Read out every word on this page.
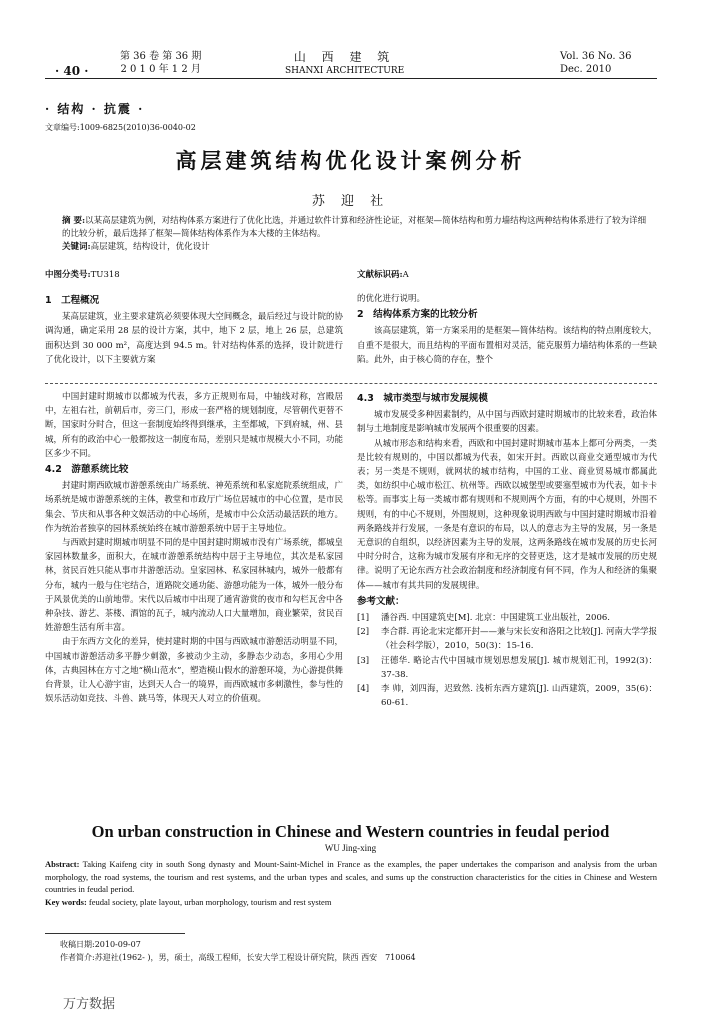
· 40 ·
第 36 卷 第 36 期
2 0 1 0 年 1 2 月
山 西 建 筑
SHANXI ARCHITECTURE
Vol. 36 No. 36
Dec. 2010
· 结构 · 抗震 ·
文章编号:1009-6825(2010)36-0040-02
高层建筑结构优化设计案例分析
苏 迎 社
摘 要:以某高层建筑为例，对结构体系方案进行了优化比选，并通过软件计算和经济性论证，对框架—简体结构和剪力墙结构这两种结构体系进行了较为详细的比较分析，最后选择了框架—简体结构体系作为本大楼的主体结构。
关键词:高层建筑，结构设计，优化设计
中图分类号:TU318	文献标识码:A
1　工程概况

某高层建筑，业主要求建筑必须要体现大空间概念，最后经过与设计院的协调沟通，确定采用 28 层的设计方案，其中，地下 2 层，地上 26 层，总建筑面积达到 30 000 m²，高度达到 94.5 m。针对结构体系的选择，设计院进行了优化设计，以下主要就方案

的优化进行说明。

2　结构体系方案的比较分析

该高层建筑，第一方案采用的是框架—简体结构。该结构的特点刚度较大，自重不是很大，而且结构的平面布置相对灵活，能克服剪力墙结构体系的一些缺陷。此外，由于核心筒的存在，整个

中国封建时期城市以都城为代表，多方正规则布局，中轴线对称，宫殿居中，左祖右社，前朝后市，旁三门，形成一套严格的规划制度，尽管朝代更替不断，国家时分时合，但这一套制度始终得到继承，主至都城，下到府城，州、县城，所有的政治中心一般都按这一制度布局，差别只是城市规模大小不同，功能区多少不同。

4.2　游憩系统比较

封建时期西欧城市游憩系统由广场系统、神苑系统和私家庭院系统组成，广场系统是城市游憩系统的主体，教堂和市政厅广场位居城市的中心位置，是市民集会、节庆和从事各种文娱活动的中心场所，是城市中公众活动最活跃的地方。作为统治者独享的园林系统始终在城市游憩系统中居于主导地位。

与西欧封建时期城市明显不同的是中国封建时期城市没有广场系统，都城皇家园林数量多，面积大，在城市游憩系统结构中居于主导地位，其次是私家园林，贫民百姓只能从事市井游憩活动。皇家园林、私家园林城内，城外一般都有分布，城内一般与住宅结合，道路院交通功能、游憩功能为一体，城外一般分布于风景优美的山前地带。宋代以后城市中出现了通宵游赏的夜市和勾栏瓦舍中各种杂技、游艺、茶楼、酒馆的瓦子，城内流动人口大量增加，商业繁荣，贫民百姓游憩生活有所丰富。

由于东西方文化的差异，使封建时期的中国与西欧城市游憩活动明显不同，中国城市游憩活动多平静少刺激，多被动少主动，多静态少动态，多用心少用体，古典园林在方寸之地“横山范水”，塑造模山假水的游憩环境，为心游提供舞台背景，让人心游宇宙，达到天人合一的境界，而西欧城市多刺激性，参与性的娱乐活动如竞技、斗兽、跳马等，体现天人对立的价值观。

4.3　城市类型与城市发展规模

城市发展受多种因素制约，从中国与西欧封建时期城市的比较来看，政治体制与土地制度是影响城市发展两个很重要的因素。

从城市形态和结构来看，西欧和中国封建时期城市基本上都可分两类，一类是比较有规则的，中国以都城为代表，如宋开封。西欧以商业交通型城市为代表；另一类是不规则，就网状的城市结构，中国的工业、商业贸易城市都属此类，如纺织中心城市松江、杭州等。西欧以城堡型或要塞型城市为代表，如卡卡松等。而事实上每一类城市都有规则和不规则两个方面，有的中心规则，外围不规则，有的中心不规则，外围规则，这种现象说明西欧与中国封建时期城市沿着两条路线并行发展，一条是有意识的布局，以人的意志为主导的发展，另一条是无意识的自组织，以经济因素为主导的发展，这两条路线在城市发展的历史长河中时分时合，这称为城市发展有序和无序的交替更迭，这才是城市发展的历史规律。说明了无论东西方社会政治制度和经济制度有何不同，作为人和经济的集聚体——城市有其共同的发展规律。

参考文献：
[1]	潘谷西. 中国建筑史[M]. 北京：中国建筑工业出版社，2006.
[2]	李合群. 再论北宋定都开封——兼与宋长安和洛阳之比较[J]. 河南大学学报（社会科学版），2010，50(3)：15-16.
[3]	汪德华. 略论古代中国城市规划思想发展[J]. 城市规划汇刊，1992(3)：37-38.
[4]	李 帅，刘四海，迟致然. 浅析东西方建筑[J]. 山西建筑，2009，35(6)：60-61.
On urban construction in Chinese and Western countries in feudal period
WU Jing-xing
Abstract: Taking Kaifeng city in south Song dynasty and Mount-Saint-Michel in France as the examples, the paper undertakes the comparison and analysis from the urban morphology, the road systems, the tourism and rest systems, and the urban types and scales, and sums up the construction characteristics for the cities in Chinese and Western countries in feudal period.
Key words: feudal society, plate layout, urban morphology, tourism and rest system
收稿日期:2010-09-07
作者简介:苏迎社(1962- )，男，硕士，高级工程师，长安大学工程设计研究院，陕西 西安　710064
万方数据
